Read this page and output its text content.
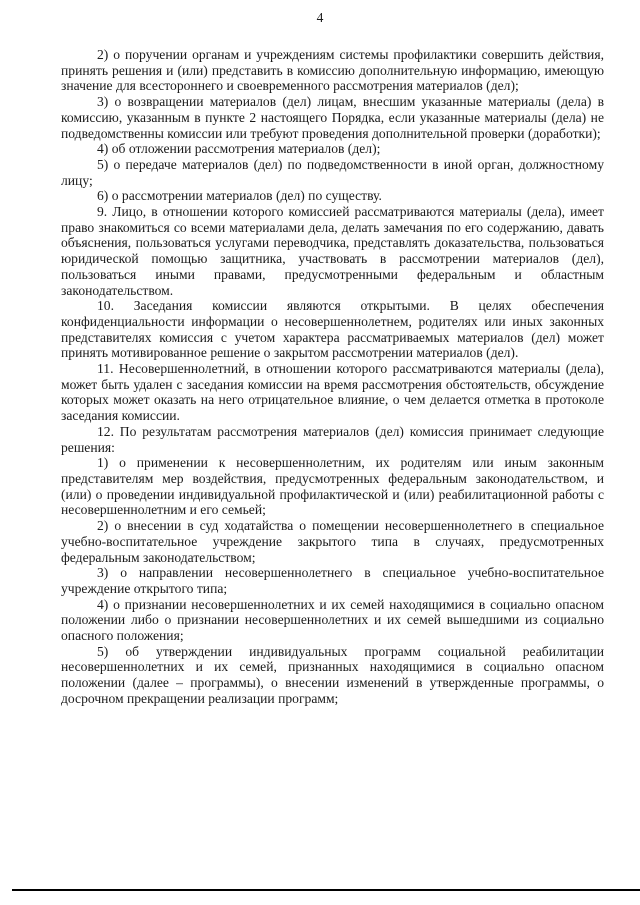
4

2) о поручении органам и учреждениям системы профилактики совершить действия, принять решения и (или) представить в комиссию дополнительную информацию, имеющую значение для всестороннего и своевременного рассмотрения материалов (дел);

3) о возвращении материалов (дел) лицам, внесшим указанные материалы (дела) в комиссию, указанным в пункте 2 настоящего Порядка, если указанные материалы (дела) не подведомственны комиссии или требуют проведения дополнительной проверки (доработки);

4) об отложении рассмотрения материалов (дел);

5) о передаче материалов (дел) по подведомственности в иной орган, должностному лицу;

6) о рассмотрении материалов (дел) по существу.

9. Лицо, в отношении которого комиссией рассматриваются материалы (дела), имеет право знакомиться со всеми материалами дела, делать замечания по его содержанию, давать объяснения, пользоваться услугами переводчика, представлять доказательства, пользоваться юридической помощью защитника, участвовать в рассмотрении материалов (дел), пользоваться иными правами, предусмотренными федеральным и областным законодательством.

10. Заседания комиссии являются открытыми. В целях обеспечения конфиденциальности информации о несовершеннолетнем, родителях или иных законных представителях комиссия с учетом характера рассматриваемых материалов (дел) может принять мотивированное решение о закрытом рассмотрении материалов (дел).

11. Несовершеннолетний, в отношении которого рассматриваются материалы (дела), может быть удален с заседания комиссии на время рассмотрения обстоятельств, обсуждение которых может оказать на него отрицательное влияние, о чем делается отметка в протоколе заседания комиссии.

12. По результатам рассмотрения материалов (дел) комиссия принимает следующие решения:

1) о применении к несовершеннолетним, их родителям или иным законным представителям мер воздействия, предусмотренных федеральным законодательством, и (или) о проведении индивидуальной профилактической и (или) реабилитационной работы с несовершеннолетним и его семьей;

2) о внесении в суд ходатайства о помещении несовершеннолетнего в специальное учебно-воспитательное учреждение закрытого типа в случаях, предусмотренных федеральным законодательством;

3) о направлении несовершеннолетнего в специальное учебно-воспитательное учреждение открытого типа;

4) о признании несовершеннолетних и их семей находящимися в социально опасном положении либо о признании несовершеннолетних и их семей вышедшими из социально опасного положения;

5) об утверждении индивидуальных программ социальной реабилитации несовершеннолетних и их семей, признанных находящимися в социально опасном положении (далее – программы), о внесении изменений в утвержденные программы, о досрочном прекращении реализации программ;
